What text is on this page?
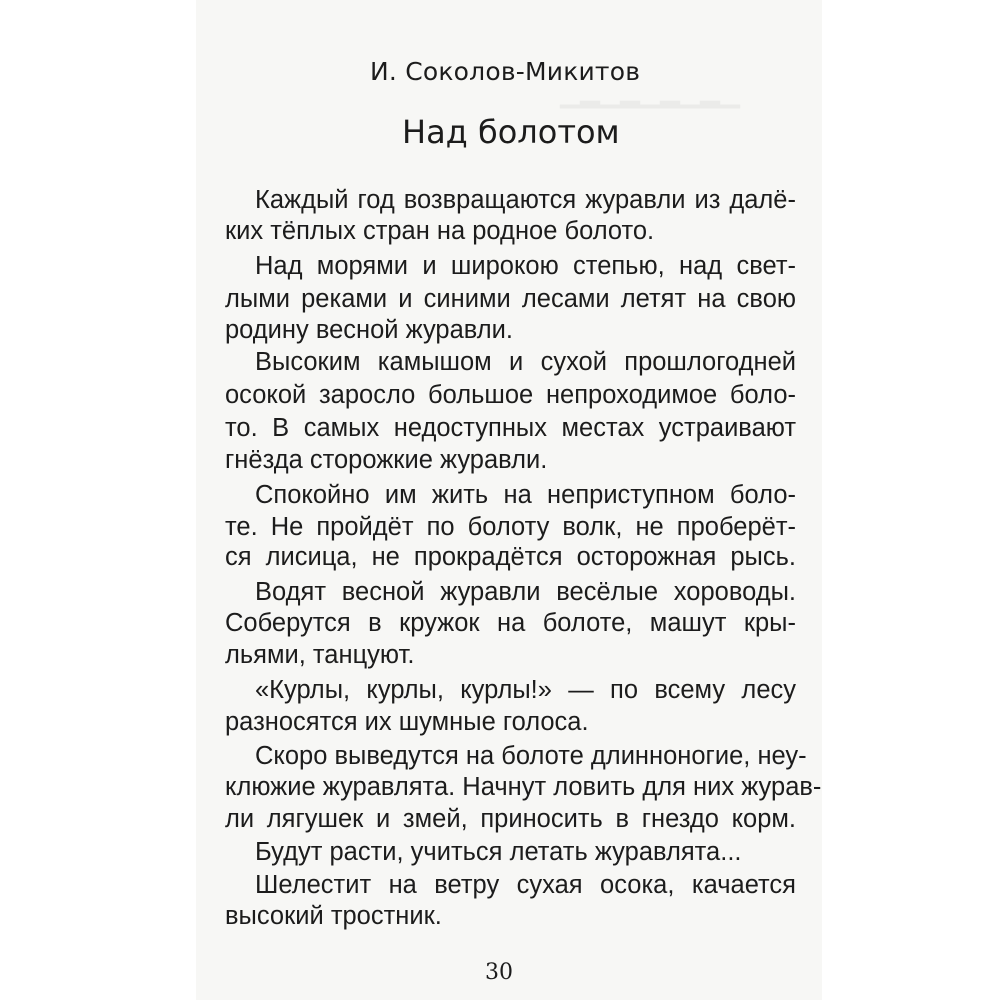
И. Соколов-Микитов
Над болотом
Каждый год возвращаются журавли из далё-
ких тёплых стран на родное болото.
Над морями и широкою степью, над свет-
лыми реками и синими лесами летят на свою
родину весной журавли.
Высоким камышом и сухой прошлогодней
осокой заросло большое непроходимое боло-
то. В самых недоступных местах устраивают
гнёзда сторожкие журавли.
Спокойно им жить на неприступном боло-
те. Не пройдёт по болоту волк, не проберёт-
ся лисица, не прокрадётся осторожная рысь.
Водят весной журавли весёлые хороводы.
Соберутся в кружок на болоте, машут кры-
льями, танцуют.
«Курлы, курлы, курлы!» — по всему лесу
разносятся их шумные голоса.
Скоро выведутся на болоте длинноногие, неу-
клюжие журавлята. Начнут ловить для них журав-
ли лягушек и змей, приносить в гнездо корм.
Будут расти, учиться летать журавлята...
Шелестит на ветру сухая осока, качается
высокий тростник.
30
